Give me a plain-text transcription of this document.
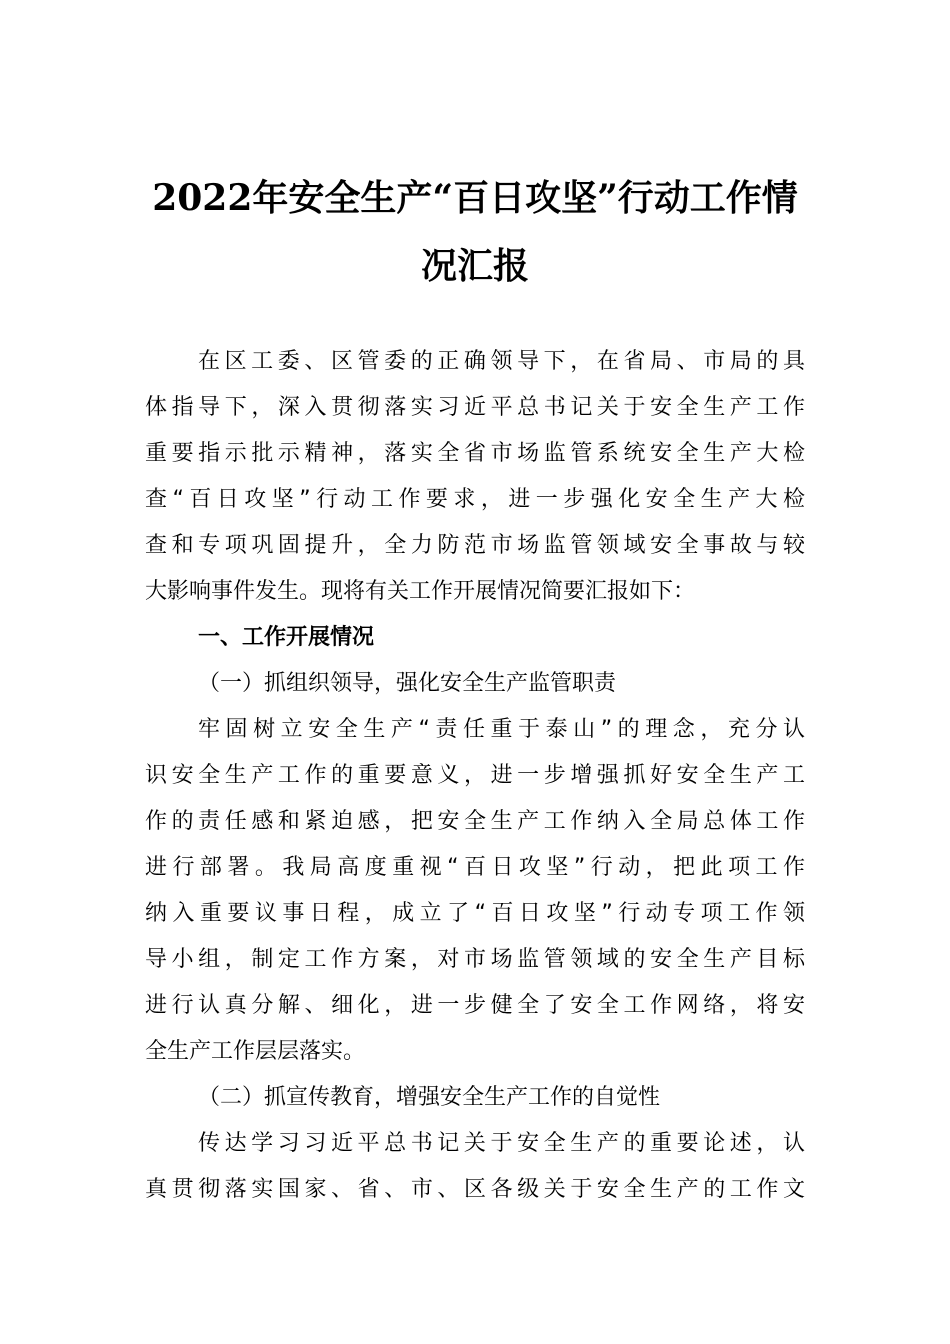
2022年安全生产“百日攻坚”行动工作情
况汇报
在区工委、区管委的正确领导下，在省局、市局的具
体指导下，深入贯彻落实习近平总书记关于安全生产工作
重要指示批示精神，落实全省市场监管系统安全生产大检
查“百日攻坚”行动工作要求，进一步强化安全生产大检
查和专项巩固提升，全力防范市场监管领域安全事故与较
大影响事件发生。现将有关工作开展情况简要汇报如下：
一、工作开展情况
（一）抓组织领导，强化安全生产监管职责
牢固树立安全生产“责任重于泰山”的理念，充分认
识安全生产工作的重要意义，进一步增强抓好安全生产工
作的责任感和紧迫感，把安全生产工作纳入全局总体工作
进行部署。我局高度重视“百日攻坚”行动，把此项工作
纳入重要议事日程，成立了“百日攻坚”行动专项工作领
导小组，制定工作方案，对市场监管领域的安全生产目标
进行认真分解、细化，进一步健全了安全工作网络，将安
全生产工作层层落实。
（二）抓宣传教育，增强安全生产工作的自觉性
传达学习习近平总书记关于安全生产的重要论述，认
真贯彻落实国家、省、市、区各级关于安全生产的工作文
